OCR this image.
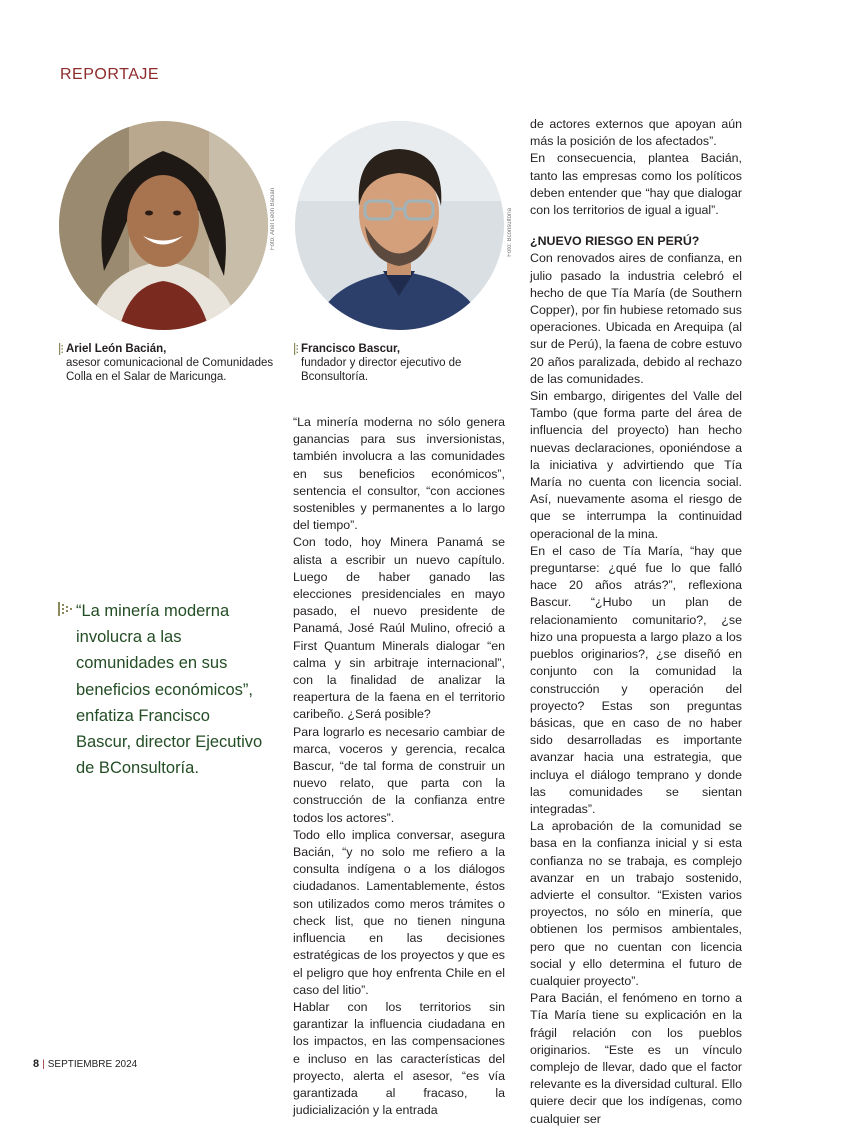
REPORTAJE
Foto: Ariel León Bacián	Foto: Bconsultoría
Ariel León Bacián,
asesor comunicacional de Comunidades Colla en el Salar de Maricunga.
Francisco Bascur,
fundador y director ejecutivo de Bconsultoría.
“La minería moderna involucra a las comunidades en sus beneficios económicos”, enfatiza Francisco Bascur, director Ejecutivo de BConsultoría.

“La minería moderna no sólo genera ganancias para sus inversionistas, también involucra a las comunidades en sus beneficios económicos”, sentencia el consultor, “con acciones sostenibles y permanentes a lo largo del tiempo”.

Con todo, hoy Minera Panamá se alista a escribir un nuevo capítulo. Luego de haber ganado las elecciones presidenciales en mayo pasado, el nuevo presidente de Panamá, José Raúl Mulino, ofreció a First Quantum Minerals dialogar “en calma y sin arbitraje internacional”, con la finalidad de analizar la reapertura de la faena en el territorio caribeño. ¿Será posible?

Para lograrlo es necesario cambiar de marca, voceros y gerencia, recalca Bascur, “de tal forma de construir un nuevo relato, que parta con la construcción de la confianza entre todos los actores”.

Todo ello implica conversar, asegura Bacián, “y no solo me refiero a la consulta indígena o a los diálogos ciudadanos. Lamentablemente, éstos son utilizados como meros trámites o check list, que no tienen ninguna influencia en las decisiones estratégicas de los proyectos y que es el peligro que hoy enfrenta Chile en el caso del litio”.

Hablar con los territorios sin garantizar la influencia ciudadana en los impactos, en las compensaciones e incluso en las características del proyecto, alerta el asesor, “es vía garantizada al fracaso, la judicialización y la entrada

de actores externos que apoyan aún más la posición de los afectados”.

En consecuencia, plantea Bacián, tanto las empresas como los políticos deben entender que “hay que dialogar con los territorios de igual a igual”.

¿NUEVO RIESGO EN PERÚ?

Con renovados aires de confianza, en julio pasado la industria celebró el hecho de que Tía María (de Southern Copper), por fin hubiese retomado sus operaciones. Ubicada en Arequipa (al sur de Perú), la faena de cobre estuvo 20 años paralizada, debido al rechazo de las comunidades.

Sin embargo, dirigentes del Valle del Tambo (que forma parte del área de influencia del proyecto) han hecho nuevas declaraciones, oponiéndose a la iniciativa y advirtiendo que Tía María no cuenta con licencia social. Así, nuevamente asoma el riesgo de que se interrumpa la continuidad operacional de la mina.

En el caso de Tía María, “hay que preguntarse: ¿qué fue lo que falló hace 20 años atrás?”, reflexiona Bascur. “¿Hubo un plan de relacionamiento comunitario?, ¿se hizo una propuesta a largo plazo a los pueblos originarios?, ¿se diseñó en conjunto con la comunidad la construcción y operación del proyecto? Estas son preguntas básicas, que en caso de no haber sido desarrolladas es importante avanzar hacia una estrategia, que incluya el diálogo temprano y donde las comunidades se sientan integradas”.

La aprobación de la comunidad se basa en la confianza inicial y si esta confianza no se trabaja, es complejo avanzar en un trabajo sostenido, advierte el consultor. “Existen varios proyectos, no sólo en minería, que obtienen los permisos ambientales, pero que no cuentan con licencia social y ello determina el futuro de cualquier proyecto”.

Para Bacián, el fenómeno en torno a Tía María tiene su explicación en la frágil relación con los pueblos originarios. “Este es un vínculo complejo de llevar, dado que el factor relevante es la diversidad cultural. Ello quiere decir que los indígenas, como cualquier ser

8 | SEPTIEMBRE 2024
